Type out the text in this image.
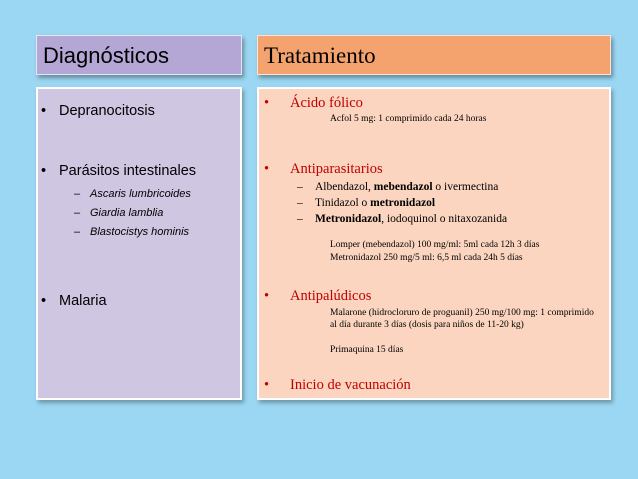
Diagnósticos	Tratamiento
• Depranocitosis
• Parásitos intestinales
– Ascaris lumbricoides
– Giardia lamblia
– Blastocistys hominis
• Malaria
• Ácido fólico
Acfol 5 mg: 1 comprimido cada 24 horas
• Antiparasitarios
– Albendazol, mebendazol o ivermectina
– Tinidazol o metronidazol
– Metronidazol, iodoquinol o nitaxozanida
Lomper (mebendazol) 100 mg/ml: 5ml cada 12h 3 días
Metronidazol 250 mg/5 ml: 6,5 ml cada 24h 5 días
• Antipalúdicos
Malarone (hidrocloruro de proguanil) 250 mg/100 mg: 1 comprimido al día durante 3 días (dosis para niños de 11-20 kg)
Primaquina 15 días
• Inicio de vacunación
